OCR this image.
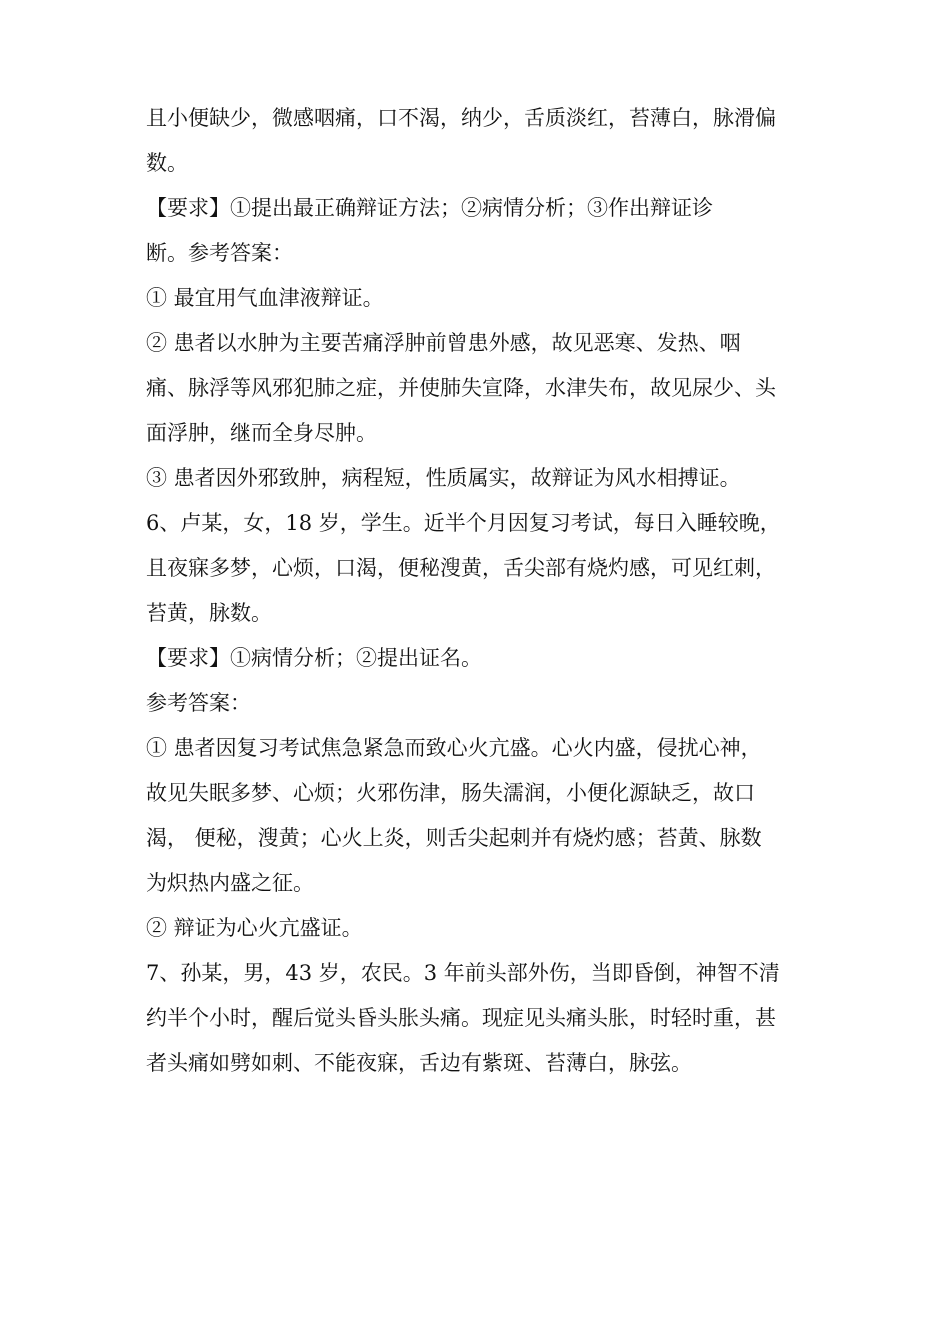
且小便缺少，微感咽痛，口不渴，纳少，舌质淡红，苔薄白，脉滑偏
数。
【要求】①提出最正确辩证方法；②病情分析；③作出辩证诊
断。参考答案：
① 最宜用气血津液辩证。
② 患者以水肿为主要苦痛浮肿前曾患外感，故见恶寒、发热、咽
痛、脉浮等风邪犯肺之症，并使肺失宣降，水津失布，故见尿少、头
面浮肿，继而全身尽肿。
③ 患者因外邪致肿，病程短，性质属实，故辩证为风水相搏证。
6、卢某，女，18 岁，学生。近半个月因复习考试，每日入睡较晚，
且夜寐多梦，心烦，口渴，便秘溲黄，舌尖部有烧灼感，可见红刺，
苔黄，脉数。
【要求】①病情分析；②提出证名。
参考答案：
① 患者因复习考试焦急紧急而致心火亢盛。心火内盛，侵扰心神，
故见失眠多梦、心烦；火邪伤津，肠失濡润，小便化源缺乏，故口
渴， 便秘，溲黄；心火上炎，则舌尖起刺并有烧灼感；苔黄、脉数
为炽热内盛之征。
② 辩证为心火亢盛证。
7、孙某，男，43 岁，农民。3 年前头部外伤，当即昏倒，神智不清
约半个小时，醒后觉头昏头胀头痛。现症见头痛头胀，时轻时重，甚
者头痛如劈如刺、不能夜寐，舌边有紫斑、苔薄白，脉弦。
